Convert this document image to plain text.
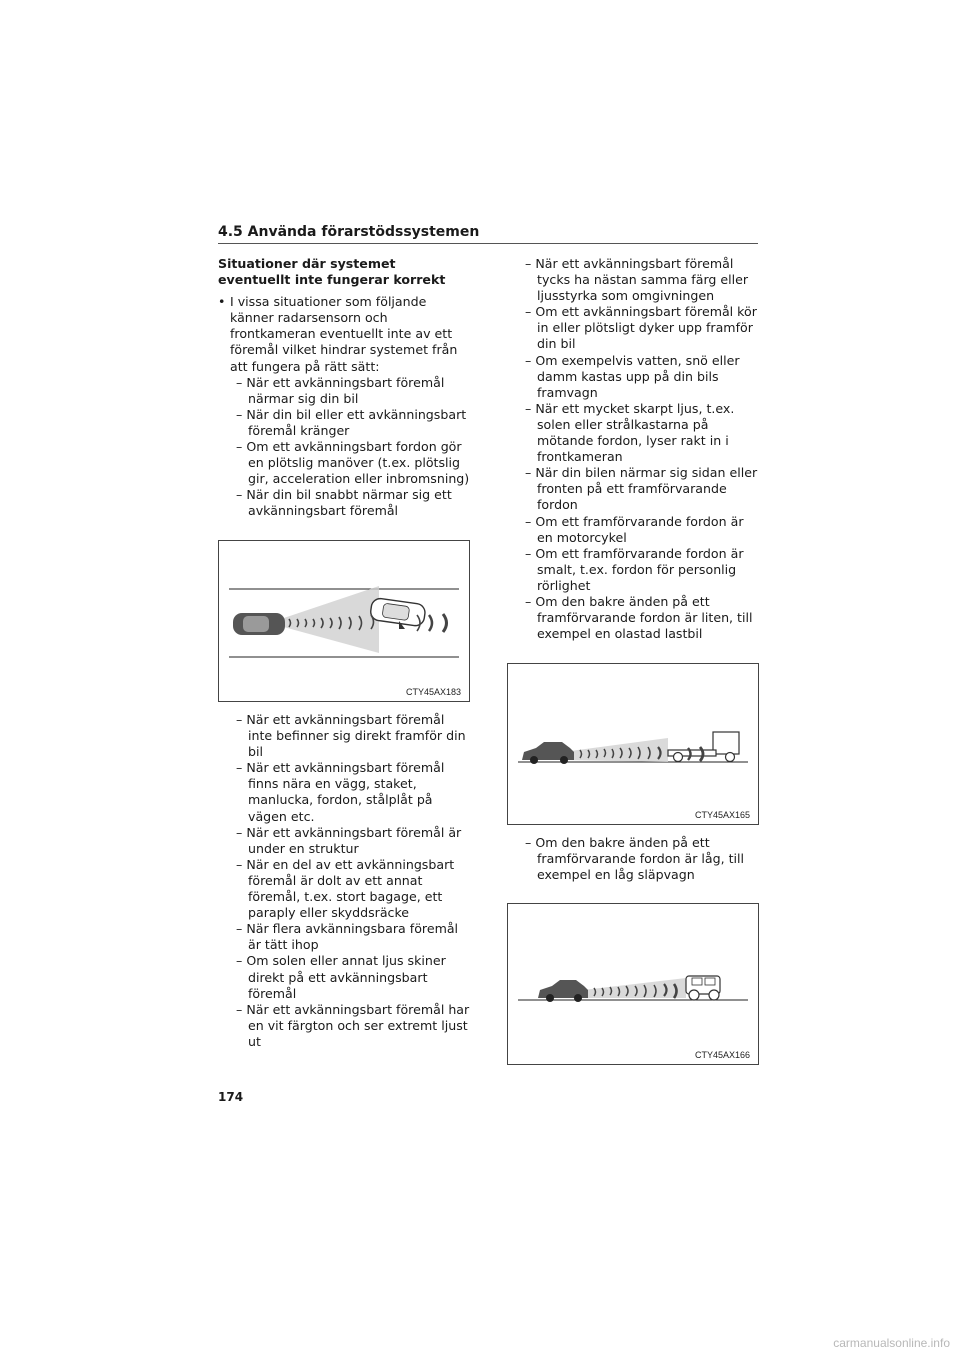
4.5 Använda förarstödssystemen
Situationer där systemet eventuellt inte fungerar korrekt
• I vissa situationer som följande känner radarsensorn och frontkameran eventuellt inte av ett föremål vilket hindrar systemet från att fungera på rätt sätt:
– När ett avkänningsbart föremål närmar sig din bil
– När din bil eller ett avkänningsbart föremål kränger
– Om ett avkänningsbart fordon gör en plötslig manöver (t.ex. plötslig gir, acceleration eller inbromsning)
– När din bil snabbt närmar sig ett avkänningsbart föremål
CTY45AX183
– När ett avkänningsbart föremål inte befinner sig direkt framför din bil
– När ett avkänningsbart föremål finns nära en vägg, staket, manlucka, fordon, stålplåt på vägen etc.
– När ett avkänningsbart föremål är under en struktur
– När en del av ett avkänningsbart föremål är dolt av ett annat föremål, t.ex. stort bagage, ett paraply eller skyddsräcke
– När flera avkänningsbara föremål är tätt ihop
– Om solen eller annat ljus skiner direkt på ett avkänningsbart föremål
– När ett avkänningsbart föremål har en vit färgton och ser extremt ljust ut
– När ett avkänningsbart föremål tycks ha nästan samma färg eller ljusstyrka som omgivningen
– Om ett avkänningsbart föremål kör in eller plötsligt dyker upp framför din bil
– Om exempelvis vatten, snö eller damm kastas upp på din bils framvagn
– När ett mycket skarpt ljus, t.ex. solen eller strålkastarna på mötande fordon, lyser rakt in i frontkameran
– När din bilen närmar sig sidan eller fronten på ett framförvarande fordon
– Om ett framförvarande fordon är en motorcykel
– Om ett framförvarande fordon är smalt, t.ex. fordon för personlig rörlighet
– Om den bakre änden på ett framförvarande fordon är liten, till exempel en olastad lastbil
CTY45AX165
– Om den bakre änden på ett framförvarande fordon är låg, till exempel en låg släpvagn
CTY45AX166
174
carmanualsonline.info
